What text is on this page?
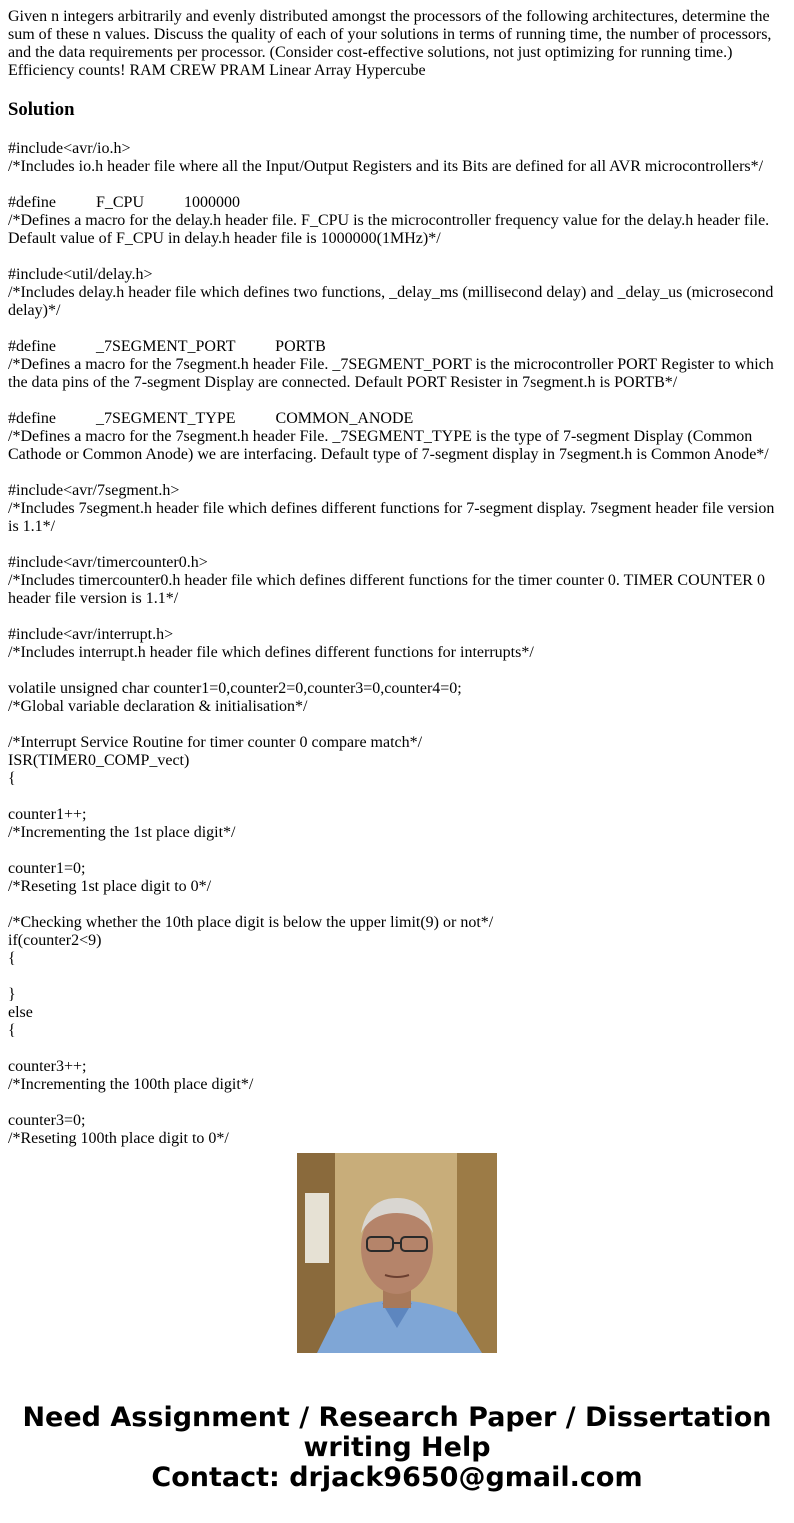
Given n integers arbitrarily and evenly distributed amongst the processors of the following architectures, determine the sum of these n values. Discuss the quality of each of your solutions in terms of running time, the number of processors, and the data requirements per processor. (Consider cost-effective solutions, not just optimizing for running time.) Efficiency counts! RAM CREW PRAM Linear Array Hypercube

Solution
#include<avr/io.h>
/*Includes io.h header file where all the Input/Output Registers and its Bits are defined for all AVR microcontrollers*/
#define          F_CPU          1000000
/*Defines a macro for the delay.h header file. F_CPU is the microcontroller frequency value for the delay.h header file. Default value of F_CPU in delay.h header file is 1000000(1MHz)*/
#include<util/delay.h>
/*Includes delay.h header file which defines two functions, _delay_ms (millisecond delay) and _delay_us (microsecond delay)*/
#define          _7SEGMENT_PORT          PORTB
/*Defines a macro for the 7segment.h header File. _7SEGMENT_PORT is the microcontroller PORT Register to which the data pins of the 7-segment Display are connected. Default PORT Resister in 7segment.h is PORTB*/
#define          _7SEGMENT_TYPE          COMMON_ANODE
/*Defines a macro for the 7segment.h header File. _7SEGMENT_TYPE is the type of 7-segment Display (Common Cathode or Common Anode) we are interfacing. Default type of 7-segment display in 7segment.h is Common Anode*/
#include<avr/7segment.h>
/*Includes 7segment.h header file which defines different functions for 7-segment display. 7segment header file version is 1.1*/
#include<avr/timercounter0.h>
/*Includes timercounter0.h header file which defines different functions for the timer counter 0. TIMER COUNTER 0 header file version is 1.1*/
#include<avr/interrupt.h>
/*Includes interrupt.h header file which defines different functions for interrupts*/
volatile unsigned char counter1=0,counter2=0,counter3=0,counter4=0;
/*Global variable declaration & initialisation*/
/*Interrupt Service Routine for timer counter 0 compare match*/
ISR(TIMER0_COMP_vect)
{
counter1++;
/*Incrementing the 1st place digit*/
counter1=0;
/*Reseting 1st place digit to 0*/
/*Checking whether the 10th place digit is below the upper limit(9) or not*/
if(counter2<9)
{
}
else
{
counter3++;
/*Incrementing the 100th place digit*/
counter3=0;
/*Reseting 100th place digit to 0*/
Need Assignment / Research Paper / Dissertation
writing Help
Contact: drjack9650@gmail.com
